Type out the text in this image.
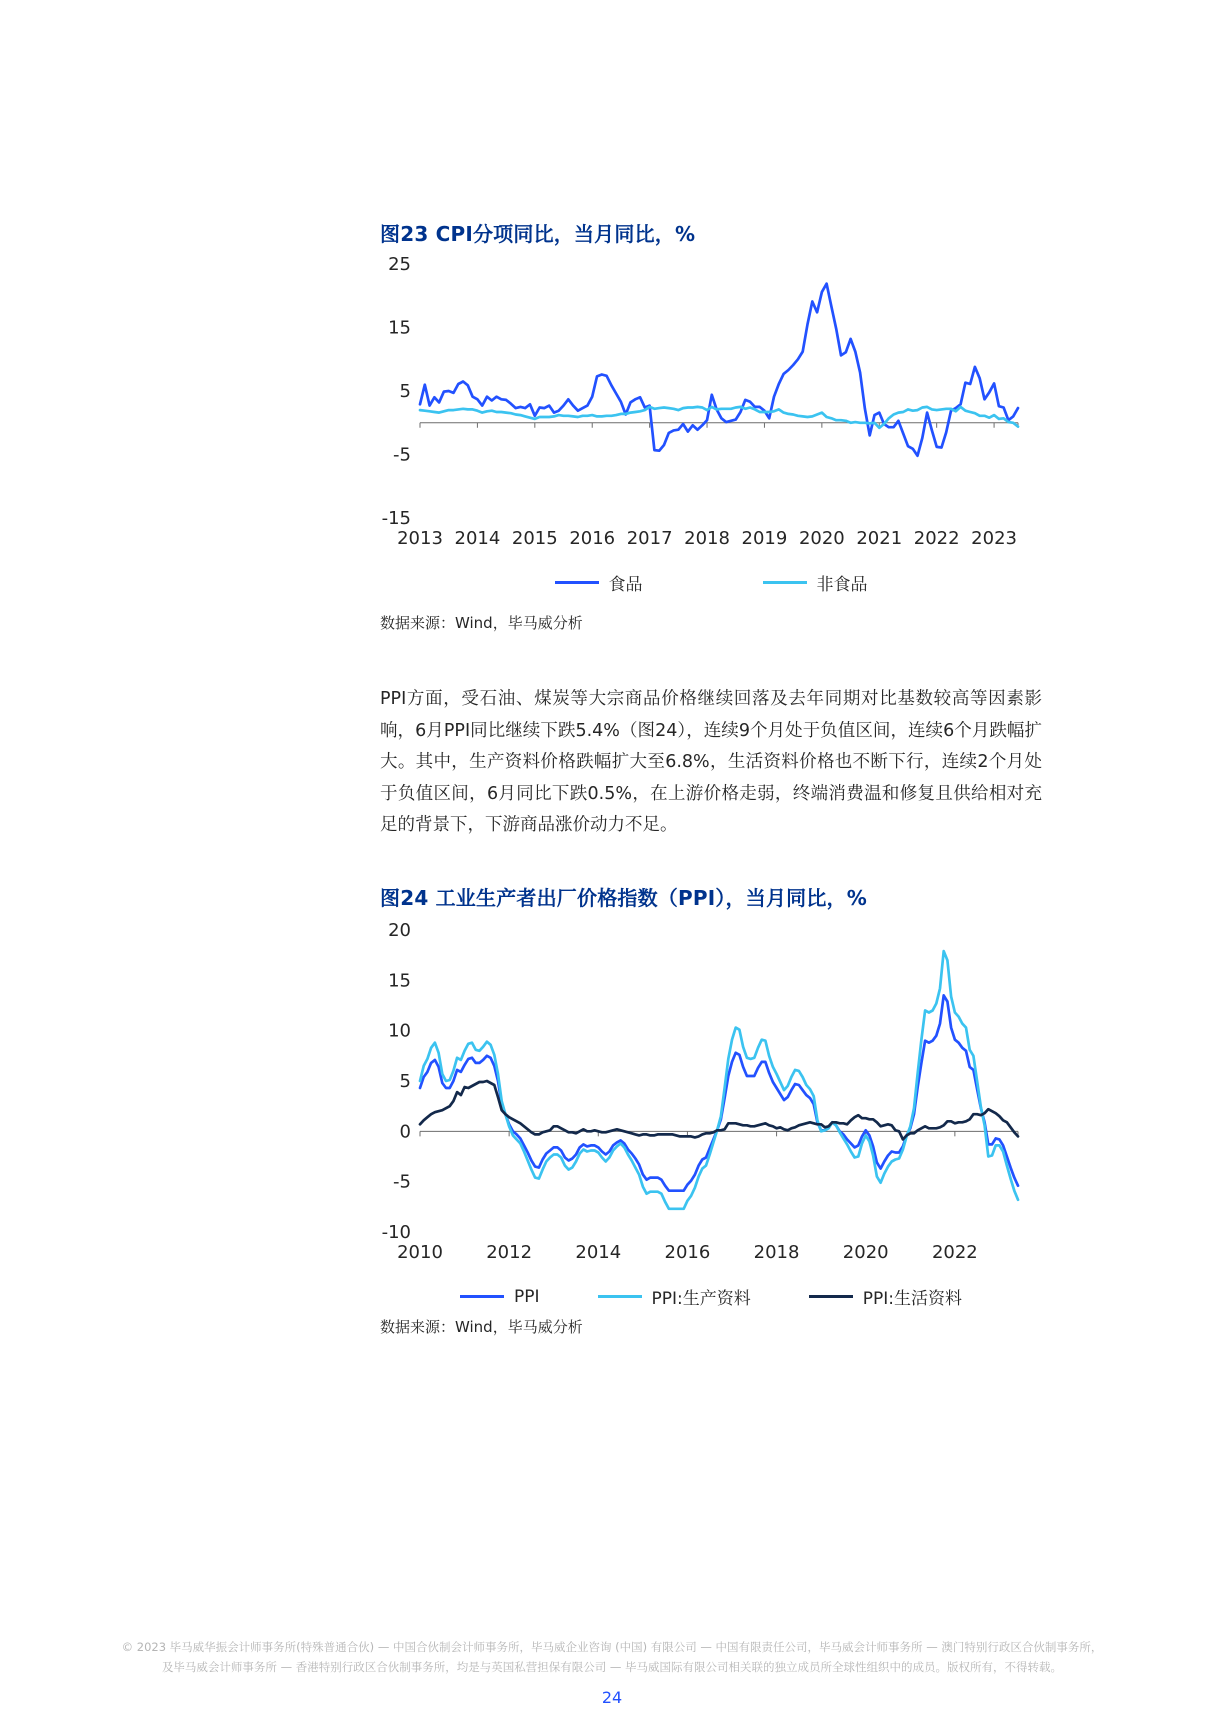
图23 CPI分项同比，当月同比，%
25
15
5
-5
-15
2013 2014 2015 2016 2017 2018 2019 2020 2021 2022 2023
食品	非食品
数据来源：Wind，毕马威分析

PPI方面，受石油、煤炭等大宗商品价格继续回落及去年同期对比基数较高等因素影响，6月PPI同比继续下跌5.4%（图24），连续9个月处于负值区间，连续6个月跌幅扩大。其中，生产资料价格跌幅扩大至6.8%，生活资料价格也不断下行，连续2个月处于负值区间，6月同比下跌0.5%，在上游价格走弱，终端消费温和修复且供给相对充足的背景下，下游商品涨价动力不足。

图24 工业生产者出厂价格指数（PPI），当月同比，%
20
15
10
5
0
-5
-10
2010 2012 2014 2016 2018 2020 2022
PPI	PPI:生产资料	PPI:生活资料
数据来源：Wind，毕马威分析
© 2023 毕马威华振会计师事务所(特殊普通合伙) — 中国合伙制会计师事务所，毕马威企业咨询 (中国) 有限公司 — 中国有限责任公司，毕马威会计师事务所 — 澳门特别行政区合伙制事务所，
及毕马威会计师事务所 — 香港特别行政区合伙制事务所，均是与英国私营担保有限公司 — 毕马威国际有限公司相关联的独立成员所全球性组织中的成员。版权所有，不得转载。
24
